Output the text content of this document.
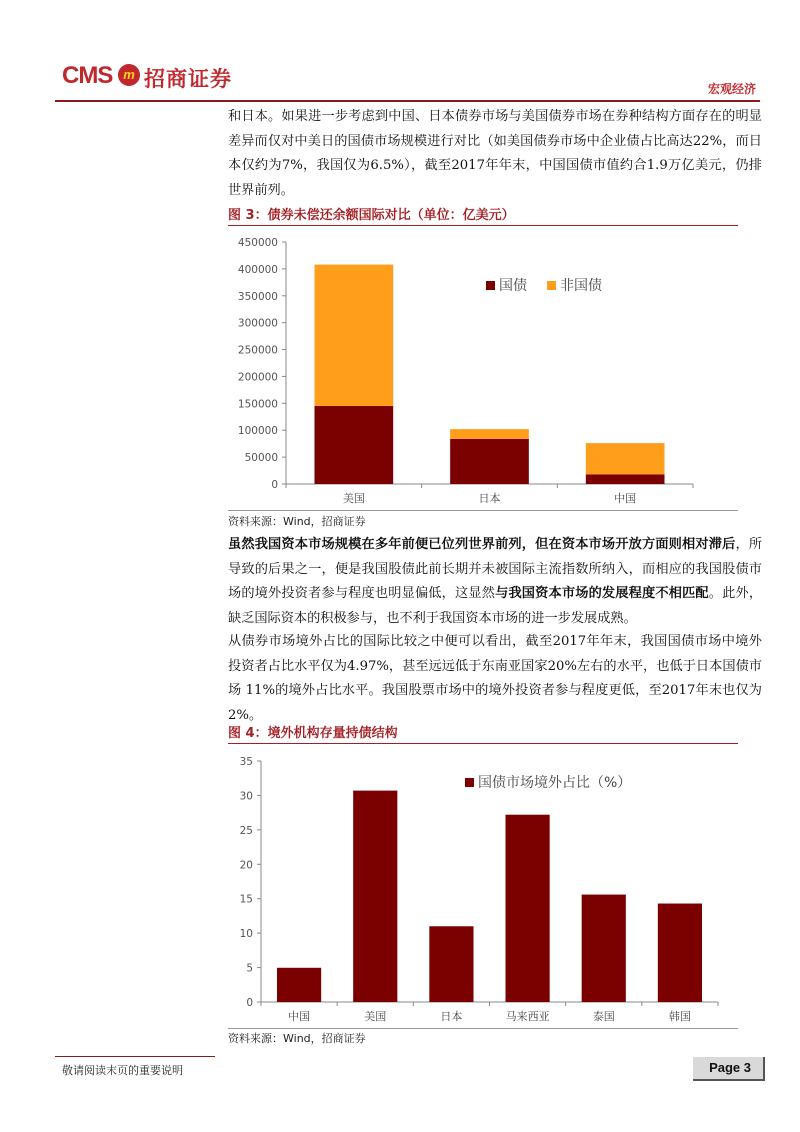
CMS m 招商证券	宏观经济
和日本。如果进一步考虑到中国、日本债券市场与美国债券市场在券种结构方面存在的明显差异而仅对中美日的国债市场规模进行对比（如美国债券市场中企业债占比高达22%，而日本仅约为7%，我国仅为6.5%），截至2017年年末，中国国债市值约合1.9万亿美元，仍排世界前列。
图 3：债券未偿还余额国际对比（单位：亿美元）
0
50000
100000
150000
200000
250000
300000
350000
400000
450000
美国	日本	中国
国债 非国债
资料来源：Wind，招商证券
虽然我国资本市场规模在多年前便已位列世界前列，但在资本市场开放方面则相对滞后，所导致的后果之一，便是我国股债此前长期并未被国际主流指数所纳入，而相应的我国股债市场的境外投资者参与程度也明显偏低，这显然与我国资本市场的发展程度不相匹配。此外，缺乏国际资本的积极参与，也不利于我国资本市场的进一步发展成熟。
从债券市场境外占比的国际比较之中便可以看出，截至2017年年末，我国国债市场中境外投资者占比水平仅为4.97%，甚至远远低于东南亚国家20%左右的水平，也低于日本国债市场 11%的境外占比水平。我国股票市场中的境外投资者参与程度更低，至2017年末也仅为2%。
图 4：境外机构存量持债结构
0
5
10
15
20
25
30
35
中国	美国	日本	马来西亚	泰国	韩国
国债市场境外占比（%）
资料来源：Wind，招商证券
敬请阅读末页的重要说明	Page 3
